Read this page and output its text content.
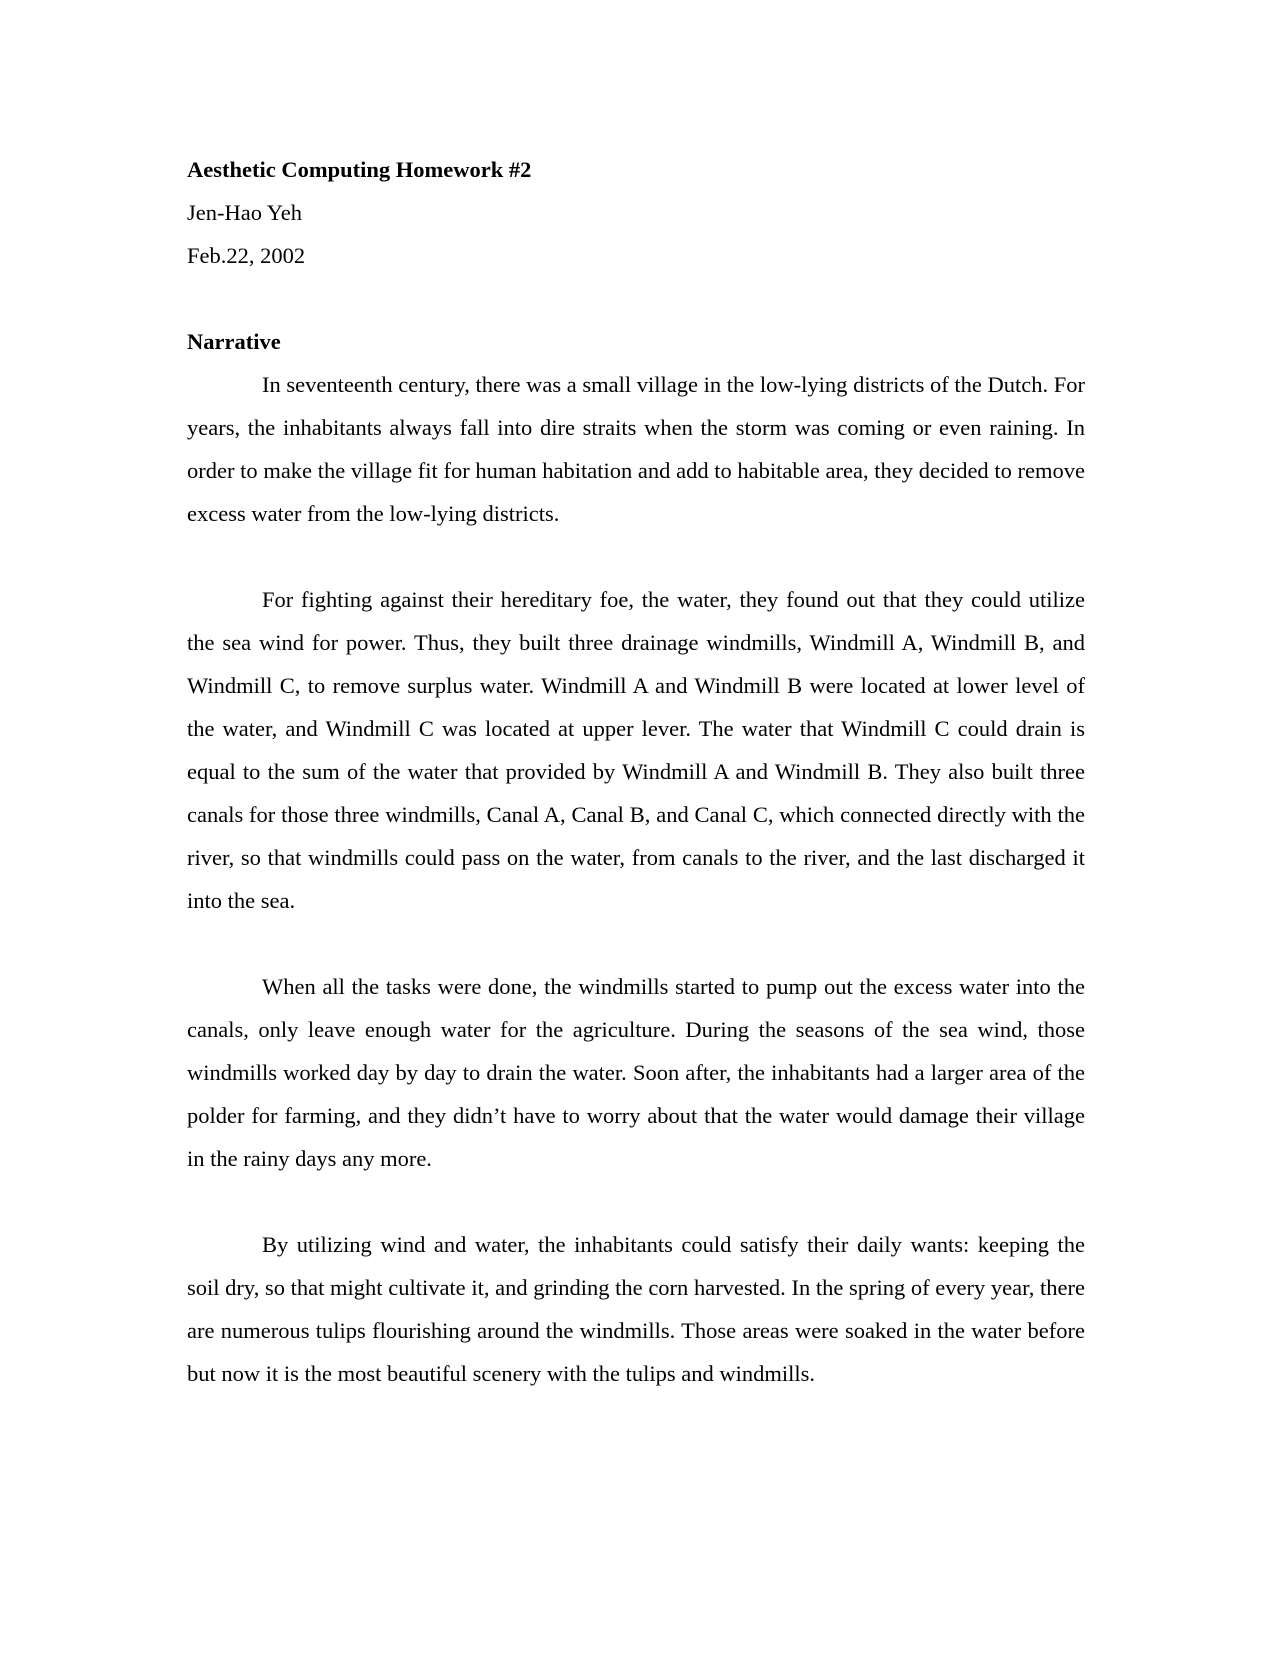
Aesthetic Computing Homework #2

Jen-Hao Yeh

Feb.22, 2002

Narrative

In seventeenth century, there was a small village in the low-lying districts of the Dutch. For years, the inhabitants always fall into dire straits when the storm was coming or even raining. In order to make the village fit for human habitation and add to habitable area, they decided to remove excess water from the low-lying districts.

For fighting against their hereditary foe, the water, they found out that they could utilize the sea wind for power. Thus, they built three drainage windmills, Windmill A, Windmill B, and Windmill C, to remove surplus water. Windmill A and Windmill B were located at lower level of the water, and Windmill C was located at upper lever. The water that Windmill C could drain is equal to the sum of the water that provided by Windmill A and Windmill B. They also built three canals for those three windmills, Canal A, Canal B, and Canal C, which connected directly with the river, so that windmills could pass on the water, from canals to the river, and the last discharged it into the sea.

When all the tasks were done, the windmills started to pump out the excess water into the canals, only leave enough water for the agriculture. During the seasons of the sea wind, those windmills worked day by day to drain the water. Soon after, the inhabitants had a larger area of the polder for farming, and they didn’t have to worry about that the water would damage their village in the rainy days any more.

By utilizing wind and water, the inhabitants could satisfy their daily wants: keeping the soil dry, so that might cultivate it, and grinding the corn harvested. In the spring of every year, there are numerous tulips flourishing around the windmills. Those areas were soaked in the water before but now it is the most beautiful scenery with the tulips and windmills.
